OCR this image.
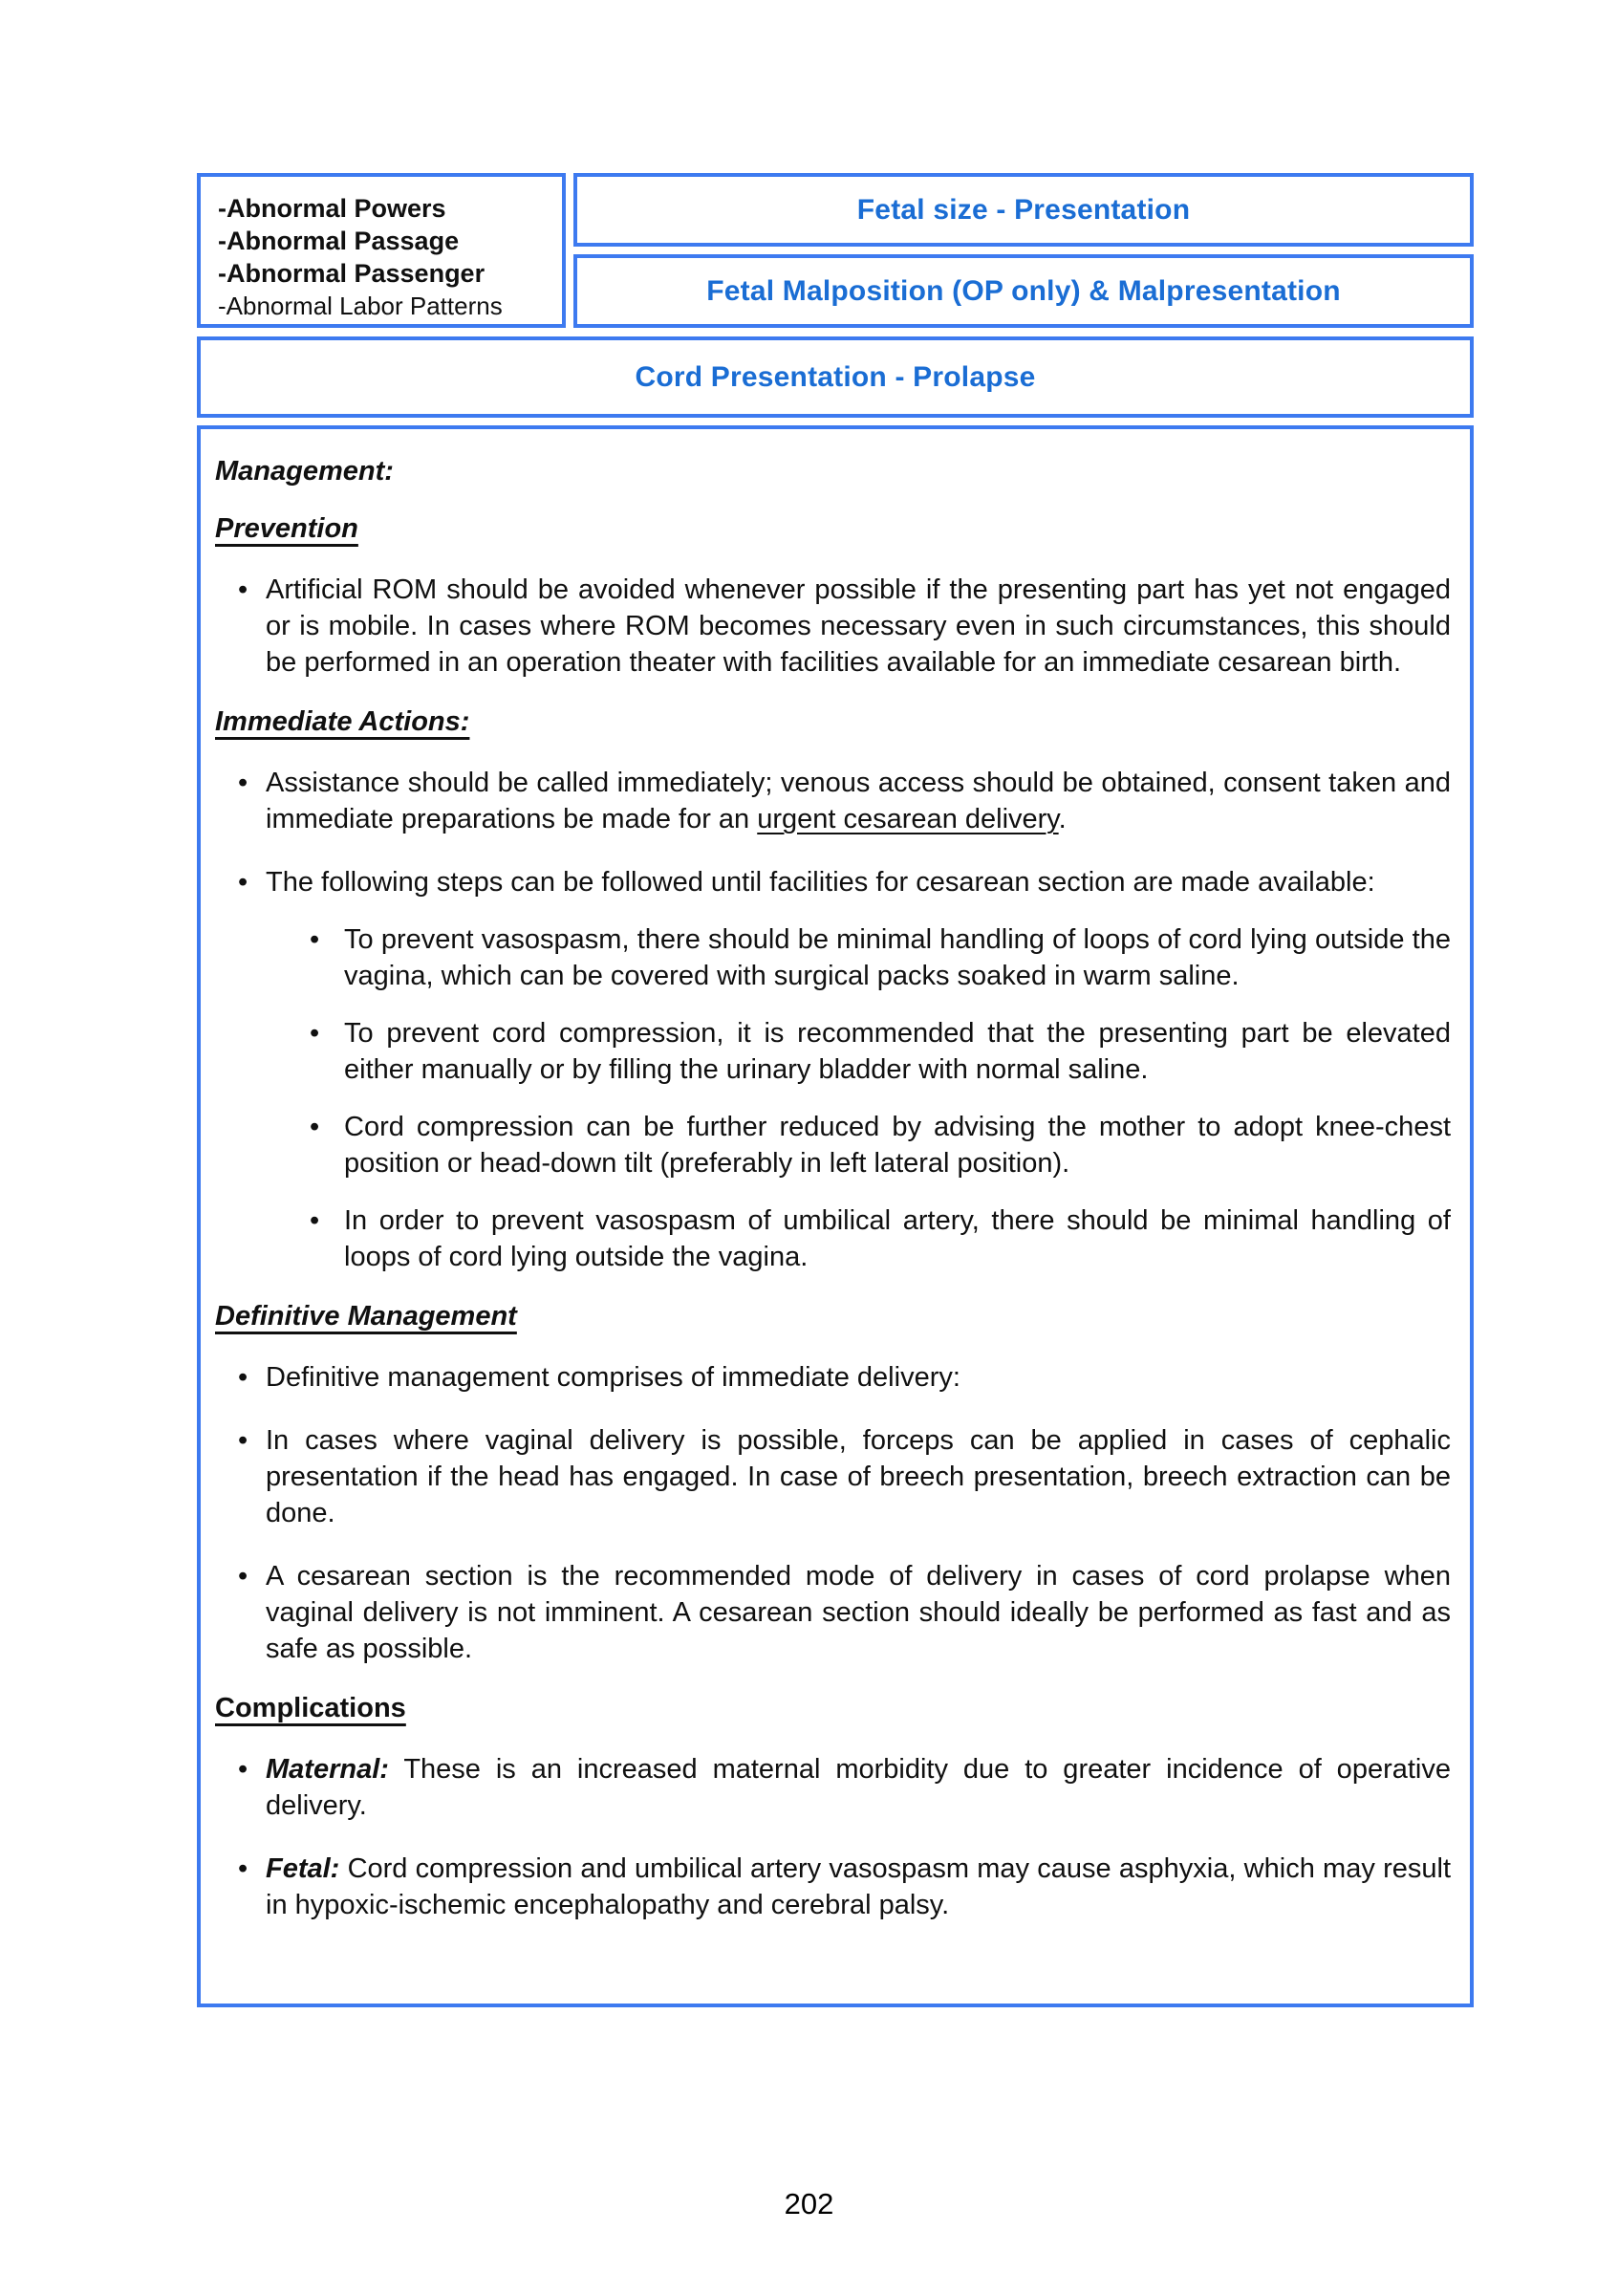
-Abnormal Powers
-Abnormal Passage
-Abnormal Passenger
-Abnormal Labor Patterns
Fetal size - Presentation
Fetal Malposition (OP only) & Malpresentation
Cord Presentation - Prolapse
Management:
Prevention
• Artificial ROM should be avoided whenever possible if the presenting part has yet not engaged or is mobile. In cases where ROM becomes necessary even in such circumstances, this should be performed in an operation theater with facilities available for an immediate cesarean birth.
Immediate Actions:
• Assistance should be called immediately; venous access should be obtained, consent taken and immediate preparations be made for an urgent cesarean delivery.
• The following steps can be followed until facilities for cesarean section are made available:
• To prevent vasospasm, there should be minimal handling of loops of cord lying outside the vagina, which can be covered with surgical packs soaked in warm saline.
• To prevent cord compression, it is recommended that the presenting part be elevated either manually or by filling the urinary bladder with normal saline.
• Cord compression can be further reduced by advising the mother to adopt knee-chest position or head-down tilt (preferably in left lateral position).
• In order to prevent vasospasm of umbilical artery, there should be minimal handling of loops of cord lying outside the vagina.
Definitive Management
• Definitive management comprises of immediate delivery:
• In cases where vaginal delivery is possible, forceps can be applied in cases of cephalic presentation if the head has engaged. In case of breech presentation, breech extraction can be done.
• A cesarean section is the recommended mode of delivery in cases of cord prolapse when vaginal delivery is not imminent. A cesarean section should ideally be performed as fast and as safe as possible.
Complications
• Maternal: These is an increased maternal morbidity due to greater incidence of operative delivery.
• Fetal: Cord compression and umbilical artery vasospasm may cause asphyxia, which may result in hypoxic-ischemic encephalopathy and cerebral palsy.
202
